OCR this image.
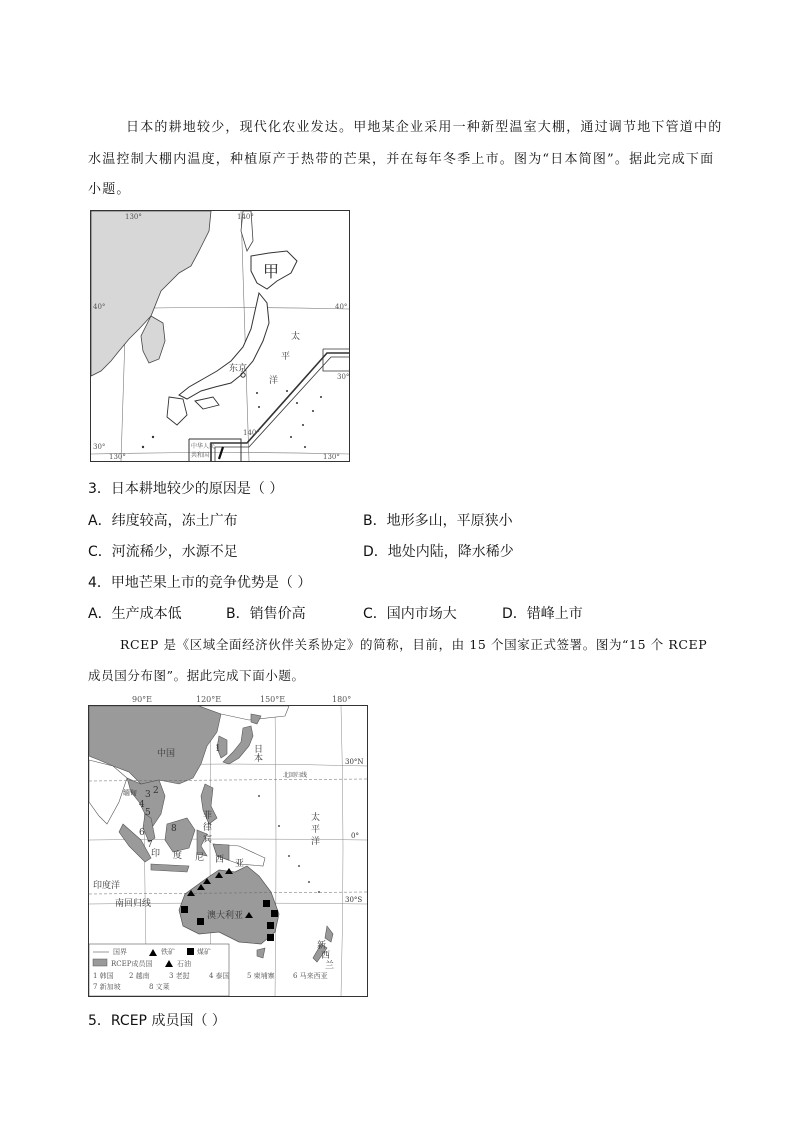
日本的耕地较少，现代化农业发达。甲地某企业采用一种新型温室大棚，通过调节地下管道中的
水温控制大棚内温度，种植原产于热带的芒果，并在每年冬季上市。图为“日本简图”。据此完成下面
小题。
130°	140°
40°	40°
30°
30°
130°
140°
130°
甲
东京
太
平
洋
中华人民
共和国
3．日本耕地较少的原因是（ ）
A．纬度较高，冻土广布	B．地形多山，平原狭小
C．河流稀少，水源不足	D．地处内陆，降水稀少
4．甲地芒果上市的竞争优势是（ ）
A．生产成本低	B．销售价高	C．国内市场大	D．错峰上市
RCEP 是《区域全面经济伙伴关系协定》的简称，目前，由 15 个国家正式签署。图为“15 个 RCEP
成员国分布图”。据此完成下面小题。
90°E	120°E	150°E	180°
30°N
0°
30°S
中国	日本
缅甸
北回归线
菲
律
宾
太
平
洋
印 度 尼 西 亚
印度洋
南回归线
澳大利亚
新
西
兰
1
2
3
4
5
6
7
8
国界	铁矿	煤矿
RCEP成员国	石油
1 韩国 2 越南	3 老挝	4 泰国 5 柬埔寨	6 马来西亚
7 新加坡	8 文莱
5．RCEP 成员国（ ）
